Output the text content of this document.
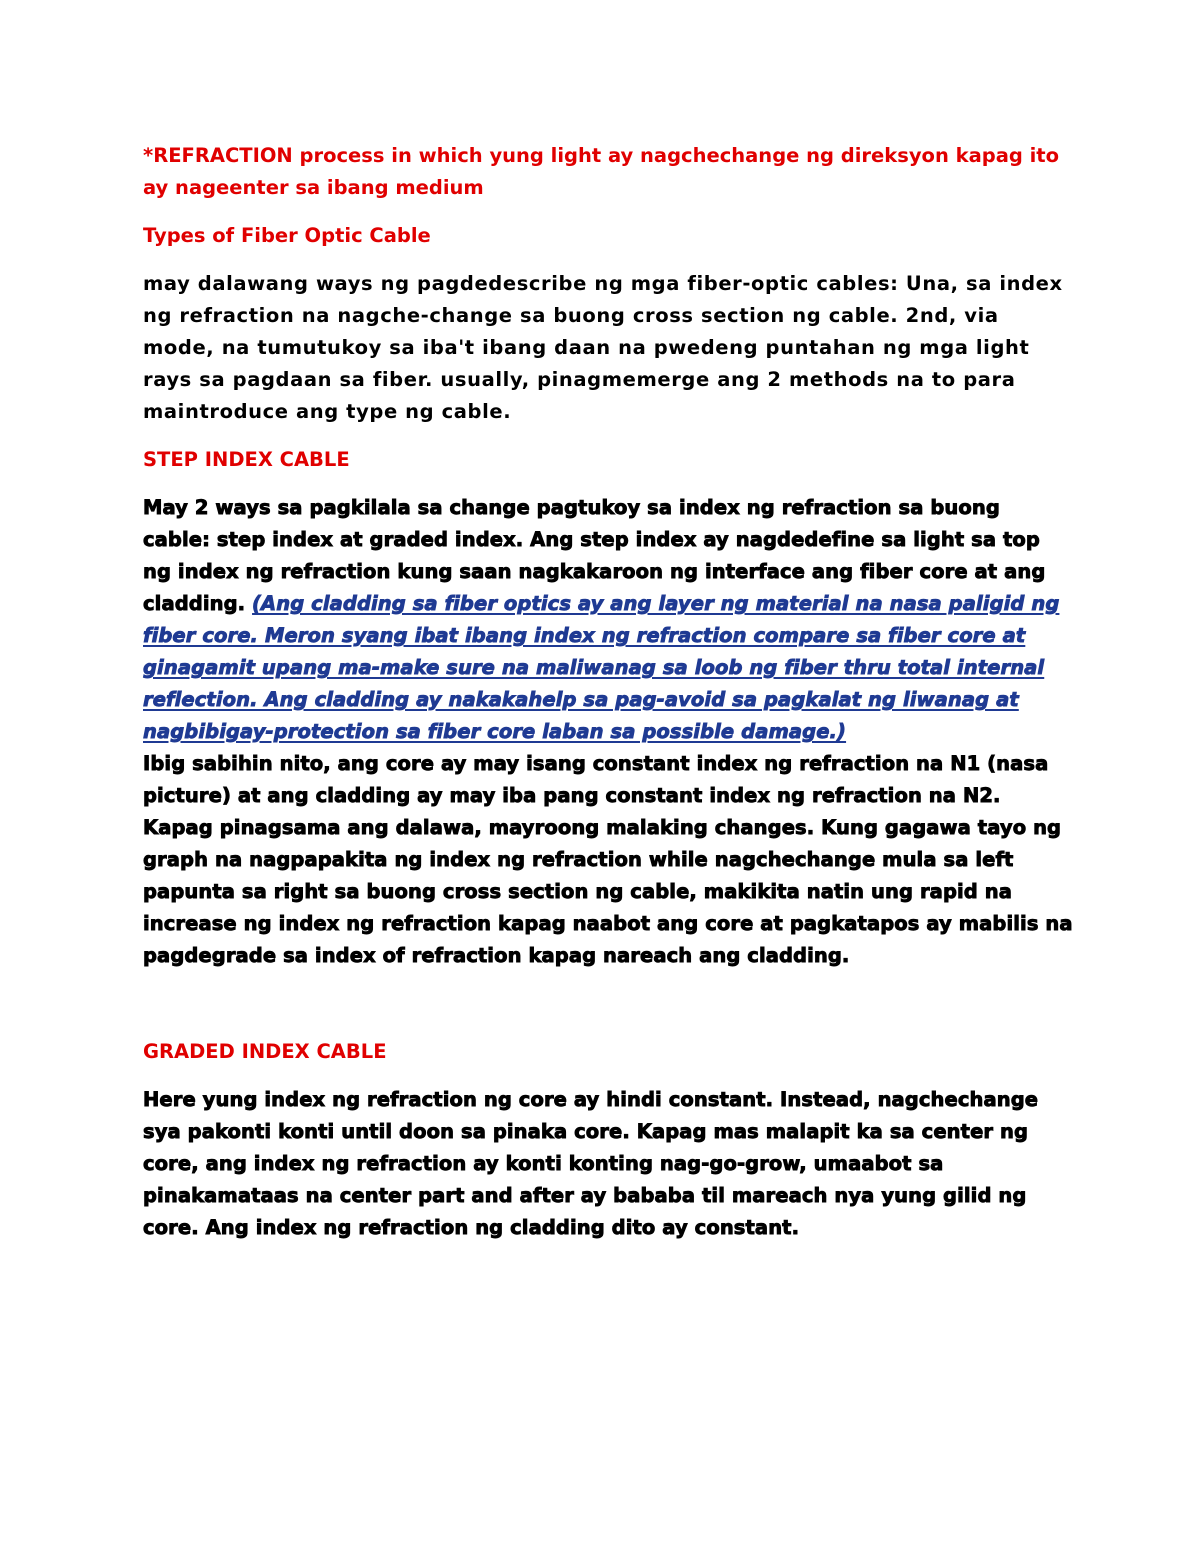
*REFRACTION process in which yung light ay nagchechange ng direksyon kapag ito ay nageenter sa ibang medium

Types of Fiber Optic Cable

may dalawang ways ng pagdedescribe ng mga fiber-optic cables: Una, sa index ng refraction na nagche-change sa buong cross section ng cable. 2nd, via mode, na tumutukoy sa iba't ibang daan na pwedeng puntahan ng mga light rays sa pagdaan sa fiber. usually, pinagmemerge ang 2 methods na to para maintroduce ang type ng cable.

STEP INDEX CABLE

May 2 ways sa pagkilala sa change pagtukoy sa index ng refraction sa buong cable: step index at graded index. Ang step index ay nagdedefine sa light sa top ng index ng refraction kung saan nagkakaroon ng interface ang fiber core at ang cladding. (Ang cladding sa fiber optics ay ang layer ng material na nasa paligid ng fiber core. Meron syang ibat ibang index ng refraction compare sa fiber core at ginagamit upang ma-make sure na maliwanag sa loob ng fiber thru total internal reflection. Ang cladding ay nakakahelp sa pag-avoid sa pagkalat ng liwanag at nagbibigay-protection sa fiber core laban sa possible damage.)

Ibig sabihin nito, ang core ay may isang constant index ng refraction na N1 (nasa picture) at ang cladding ay may iba pang constant index ng refraction na N2. Kapag pinagsama ang dalawa, mayroong malaking changes. Kung gagawa tayo ng graph na nagpapakita ng index ng refraction while nagchechange mula sa left papunta sa right sa buong cross section ng cable, makikita natin ung rapid na increase ng index ng refraction kapag naabot ang core at pagkatapos ay mabilis na pagdegrade sa index of refraction kapag nareach ang cladding.

GRADED INDEX CABLE

Here yung index ng refraction ng core ay hindi constant. Instead, nagchechange sya pakonti konti until doon sa pinaka core. Kapag mas malapit ka sa center ng core, ang index ng refraction ay konti konting nag-go-grow, umaabot sa pinakamataas na center part and after ay bababa til mareach nya yung gilid ng core. Ang index ng refraction ng cladding dito ay constant.
